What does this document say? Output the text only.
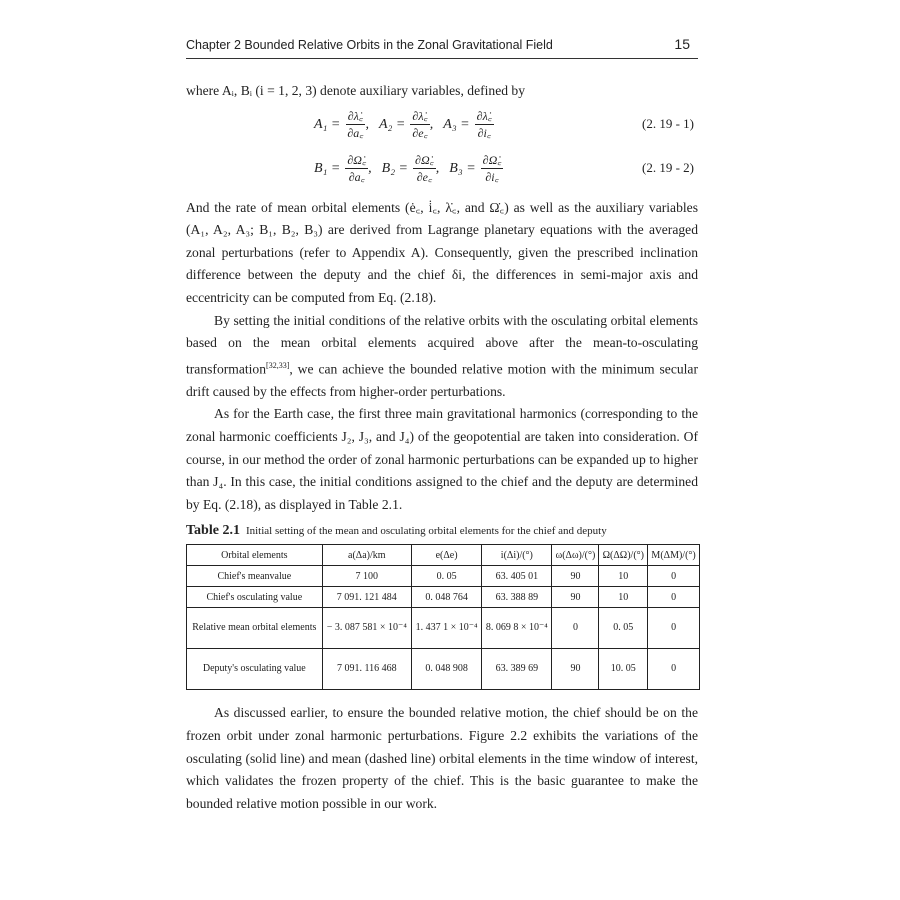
Chapter 2 Bounded Relative Orbits in the Zonal Gravitational Field	15

where Aᵢ, Bᵢ (i = 1, 2, 3) denote auxiliary variables, defined by

$A_1 = \frac{\partial\lambdȧ꜀}{\partial a꜀}$ , $A_2 = \frac{\partial\lambdȧ꜀}{\partial e꜀}$ , $A_3 = \frac{\partial\lambdȧ꜀}{\partial i꜀}$	(2. 19 - 1)
$B_1 = \frac{\partial\Omegȧ꜀}{\partial a꜀}$ , $B_2 = \frac{\partial\Omegȧ꜀}{\partial e꜀}$ , $B_3 = \frac{\partial\Omegȧ꜀}{\partial i꜀}$	(2. 19 - 2)

And the rate of mean orbital elements (ė꜀, i̇꜀, λ̇꜀, and Ω̇꜀) as well as the auxiliary variables (A₁, A₂, A₃; B₁, B₂, B₃) are derived from Lagrange planetary equations with the averaged zonal perturbations (refer to Appendix A). Consequently, given the prescribed inclination difference between the deputy and the chief δi, the differences in semi-major axis and eccentricity can be computed from Eq. (2.18).

By setting the initial conditions of the relative orbits with the osculating orbital elements based on the mean orbital elements acquired above after the mean-to-osculating transformation[32,33], we can achieve the bounded relative motion with the minimum secular drift caused by the effects from higher-order perturbations.

As for the Earth case, the first three main gravitational harmonics (corresponding to the zonal harmonic coefficients J₂, J₃, and J₄) of the geopotential are taken into consideration. Of course, in our method the order of zonal harmonic perturbations can be expanded up to higher than J₄. In this case, the initial conditions assigned to the chief and the deputy are determined by Eq. (2.18), as displayed in Table 2.1.

Table 2.1 Initial setting of the mean and osculating orbital elements for the chief and deputy
Orbital elements	a(Δa)/km	e(Δe)	i(Δi)/(°)	ω(Δω)/(°)	Ω(ΔΩ)/(°)	M(ΔM)/(°)
Chief's meanvalue	7 100	0. 05	63. 405 01	90	10	0
Chief's osculating value	7 091. 121 484	0. 048 764	63. 388 89	90	10	0
Relative mean orbital elements	− 3. 087 581 × 10⁻⁴	1. 437 1 × 10⁻⁴	8. 069 8 × 10⁻⁴	0	0. 05	0
Deputy's osculating value	7 091. 116 468	0. 048 908	63. 389 69	90	10. 05	0

As discussed earlier, to ensure the bounded relative motion, the chief should be on the frozen orbit under zonal harmonic perturbations. Figure 2.2 exhibits the variations of the osculating (solid line) and mean (dashed line) orbital elements in the time window of interest, which validates the frozen property of the chief. This is the basic guarantee to make the bounded relative motion possible in our work.
